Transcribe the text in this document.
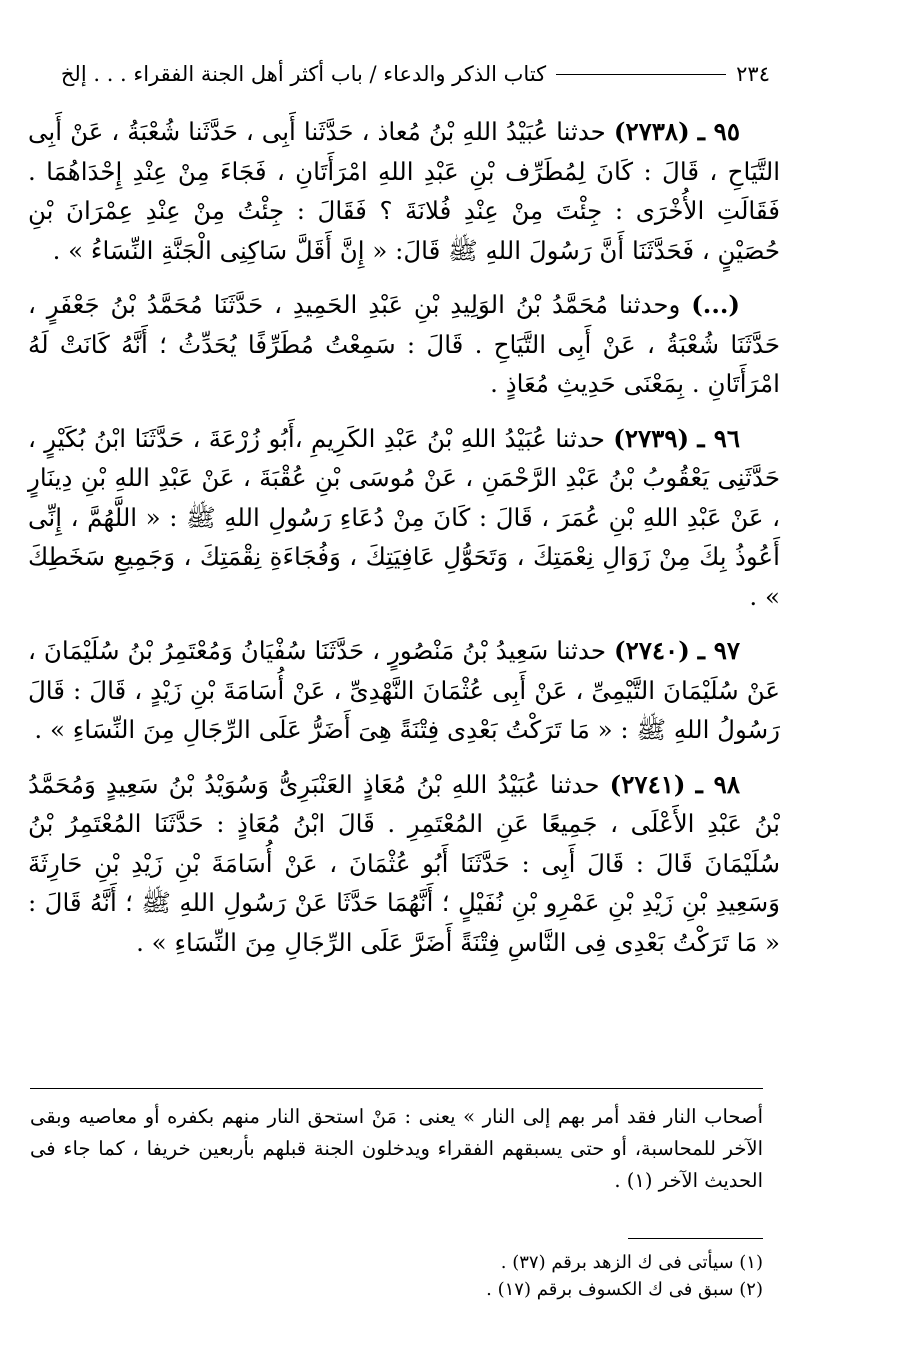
٢٣٤
كتاب الذكر والدعاء / باب أكثر أهل الجنة الفقراء . . . إلخ

٩٥ ـ (٢٧٣٨) حدثنا عُبَيْدُ اللهِ بْنُ مُعاذ ، حَدَّثَنا أَبِى ، حَدَّثَنا شُعْبَةُ ، عَنْ أَبِى التَّيَاحِ ، قَالَ : كَانَ لِمُطَرِّف بْنِ عَبْدِ اللهِ امْرَأَتَانِ ، فَجَاءَ مِنْ عِنْدِ إِحْدَاهُمَا . فَقَالَتِ الأُخْرَى : جِئْتَ مِنْ عِنْدِ فُلانَةَ ؟ فَقَالَ : جِئْتُ مِنْ عِنْدِ عِمْرَانَ بْنِ حُصَيْنٍ ، فَحَدَّثَنَا أَنَّ رَسُولَ اللهِ ﷺ قَالَ: « إِنَّ أَقَلَّ سَاكِنِى الْجَنَّةِ النِّسَاءُ » .

(...) وحدثنا مُحَمَّدُ بْنُ الوَلِيدِ بْنِ عَبْدِ الحَمِيدِ ، حَدَّثَنَا مُحَمَّدُ بْنُ جَعْفَرٍ ، حَدَّثَنَا شُعْبَةُ ، عَنْ أَبِى التَّيَاحِ . قَالَ : سَمِعْتُ مُطَرِّفًا يُحَدِّثُ ؛ أَنَّهُ كَانَتْ لَهُ امْرَأَتَانِ . بِمَعْنَى حَدِيثِ مُعَاذٍ .

٩٦ ـ (٢٧٣٩) حدثنا عُبَيْدُ اللهِ بْنُ عَبْدِ الكَرِيمِ ،أَبُو زُرْعَةَ ، حَدَّثَنَا ابْنُ بُكَيْرٍ ، حَدَّثَنِى يَعْقُوبُ بْنُ عَبْدِ الرَّحْمَنِ ، عَنْ مُوسَى بْنِ عُقْبَةَ ، عَنْ عَبْدِ اللهِ بْنِ دِينَارٍ ، عَنْ عَبْدِ اللهِ بْنِ عُمَرَ ، قَالَ : كَانَ مِنْ دُعَاءِ رَسُولِ اللهِ ﷺ : « اللَّهُمَّ ، إِنِّى أَعُوذُ بِكَ مِنْ زَوَالِ نِعْمَتِكَ ، وَتَحَوُّلِ عَافِيَتِكَ ، وَفُجَاءَةِ نِقْمَتِكَ ، وَجَمِيعِ سَخَطِكَ » .

٩٧ ـ (٢٧٤٠) حدثنا سَعِيدُ بْنُ مَنْصُورٍ ، حَدَّثَنَا سُفْيَانُ وَمُعْتَمِرُ بْنُ سُلَيْمَانَ ، عَنْ سُلَيْمَانَ التَّيْمِىِّ ، عَنْ أَبِى عُثْمَانَ النَّهْدِىِّ ، عَنْ أُسَامَةَ بْنِ زَيْدٍ ، قَالَ : قَالَ رَسُولُ اللهِ ﷺ : « مَا تَرَكْتُ بَعْدِى فِتْنَةً هِىَ أَضَرُّ عَلَى الرِّجَالِ مِنَ النِّسَاءِ » .

٩٨ ـ (٢٧٤١) حدثنا عُبَيْدُ اللهِ بْنُ مُعَاذٍ العَنْبَرِىُّ وَسُوَيْدُ بْنُ سَعِيدٍ وَمُحَمَّدُ بْنُ عَبْدِ الأَعْلَى ، جَمِيعًا عَنِ المُعْتَمِرِ . قَالَ ابْنُ مُعَاذٍ : حَدَّثَنَا المُعْتَمِرُ بْنُ سُلَيْمَانَ قَالَ : قَالَ أَبِى : حَدَّثَنَا أَبُو عُثْمَانَ ، عَنْ أُسَامَةَ بْنِ زَيْدِ بْنِ حَارِثَةَ وَسَعِيدِ بْنِ زَيْدِ بْنِ عَمْرِو بْنِ نُفَيْلٍ ؛ أَنَّهُمَا حَدَّثَا عَنْ رَسُولِ اللهِ ﷺ ؛ أَنَّهُ قَالَ : « مَا تَرَكْتُ بَعْدِى فِى النَّاسِ فِتْنَةً أَضَرَّ عَلَى الرِّجَالِ مِنَ النِّسَاءِ » .

أصحاب النار فقد أمر بهم إلى النار » يعنى : مَنْ استحق النار منهم بكفره أو معاصيه وبقى الآخر للمحاسبة، أو حتى يسبقهم الفقراء ويدخلون الجنة قبلهم بأربعين خريفا ، كما جاء فى الحديث الآخر (١) .
(١) سيأتى فى ك الزهد برقم (٣٧) .
(٢) سبق فى ك الكسوف برقم (١٧) .
